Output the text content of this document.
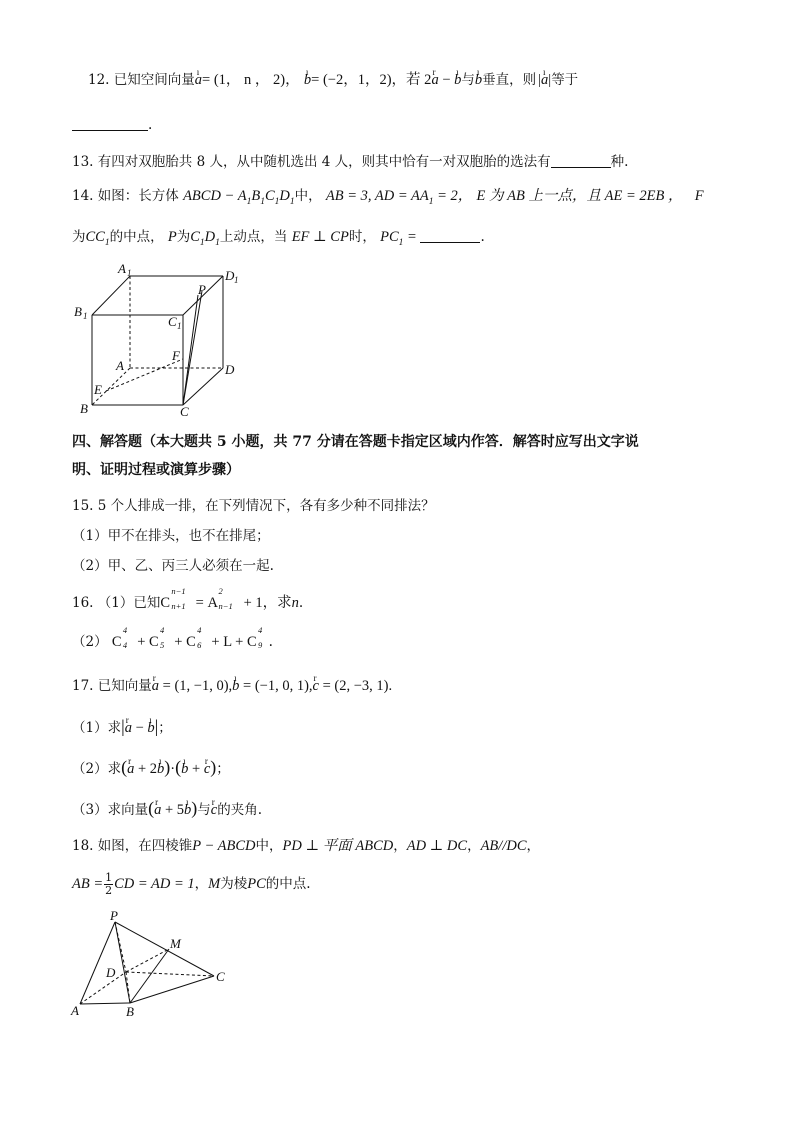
12. 已知空间向量ı a= (1， n ， 2)， ı b= (−2，1，2)，若 2r a − ı b与ı b垂直，则 |ı a|等于
.
13. 有四对双胞胎共 8 人，从中随机选出 4 人，则其中恰有一对双胞胎的选法有	种.
14. 如图：长方体 ABCD − $A_1B_1C_1D_1$中， AB = 3, AD = $AA_1 = 2$， E 为 AB 上一点，且 AE = 2EB ， F
为$CC_1$的中点， P为$C_1D_1$上动点，当 EF ⊥ CP时， $PC_1$ =	.
A 1	D 1
B 1	C 1
P
F
A	D
E
B	C
四、解答题（本大题共 5 小题，共 77 分请在答题卡指定区域内作答．解答时应写出文字说
明、证明过程或演算步骤）
15. 5 个人排成一排，在下列情况下，各有多少种不同排法？
（1）甲不在排头，也不在排尾；
（2）甲、乙、丙三人必须在一起.
16. （1）已知C
n−1
n+1 = A
2
n−1 + 1，求n.
（2） C
4
4 + C
4
5 + C
4
6 + L + C
4
9 .
17. 已知向量r a = (1, −1, 0),ı b = (−1, 0, 1),r c = (2, −3, 1).
（1）求|r a − ı b|；
（2）求(r a + 2ı b)·(ı b + r c)；
（3）求向量(r a + 5ı b)与r c的夹角.
18. 如图，在四棱锥P − ABCD中，PD ⊥ 平面 ABCD，AD ⊥ DC，AB//DC，
AB = $\frac{1}{2}$ CD = AD = 1，M为棱PC的中点.
P
M
D	C
A	B
